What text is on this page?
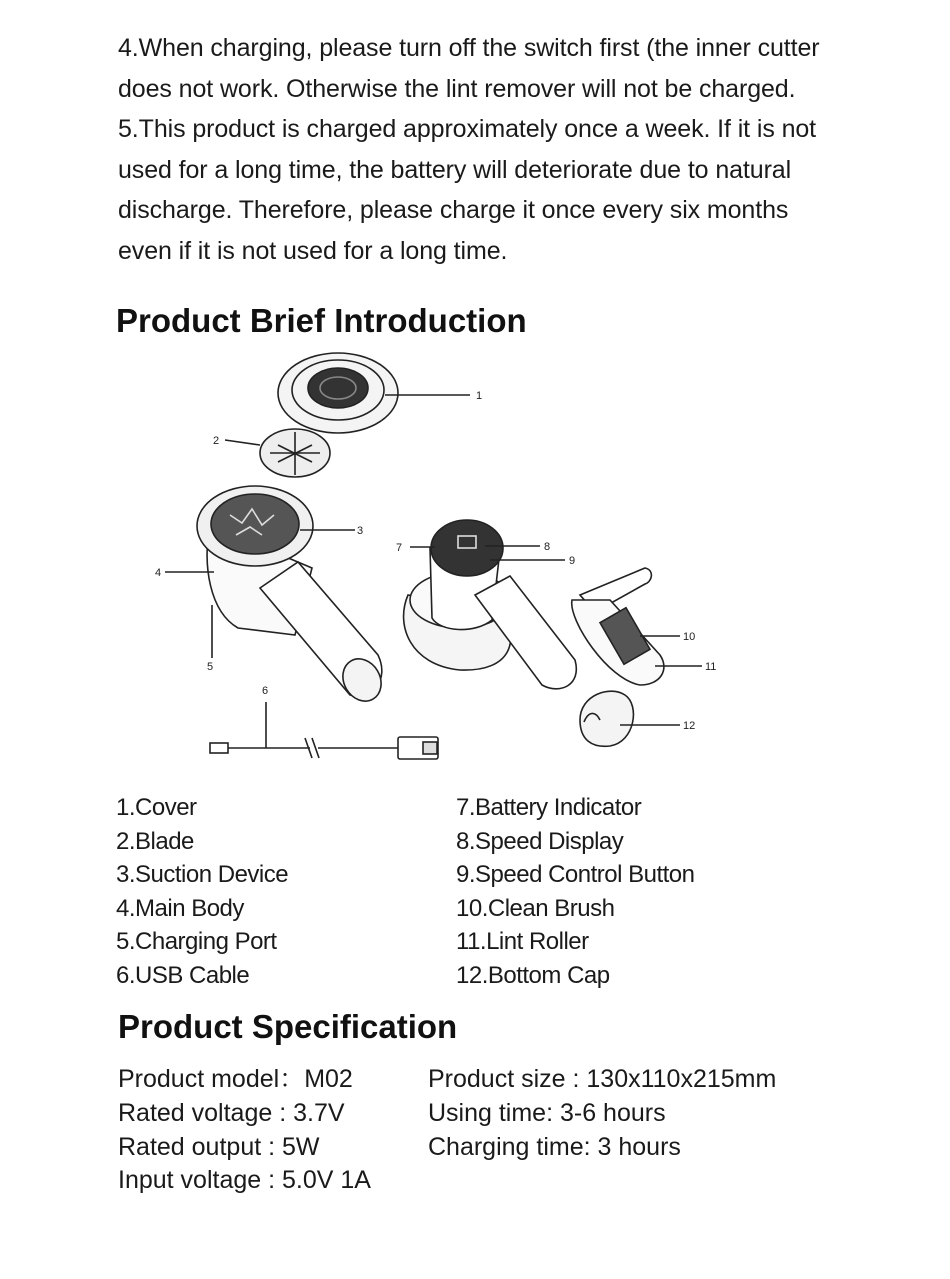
4.When charging, please turn off the switch first (the inner cutter

does not work. Otherwise the lint remover will not be charged.

5.This product is charged approximately once a week. If it is not

used for a long time, the battery will deteriorate due to natural

discharge. Therefore, please charge it once every six months

even if it is not used for a long time.

Product Brief Introduction
1
2
3
4
5
6
7	8
9
10
11
12
1.Cover
2.Blade
3.Suction Device
4.Main Body
5.Charging Port
6.USB Cable
7.Battery Indicator
8.Speed Display
9.Speed Control Button
10.Clean Brush
11.Lint Roller
12.Bottom Cap
Product Specification
Product model：M02
Rated voltage : 3.7V
Rated output : 5W
Input voltage : 5.0V 1A
Product size : 130x110x215mm
Using time: 3-6 hours
Charging time: 3 hours
